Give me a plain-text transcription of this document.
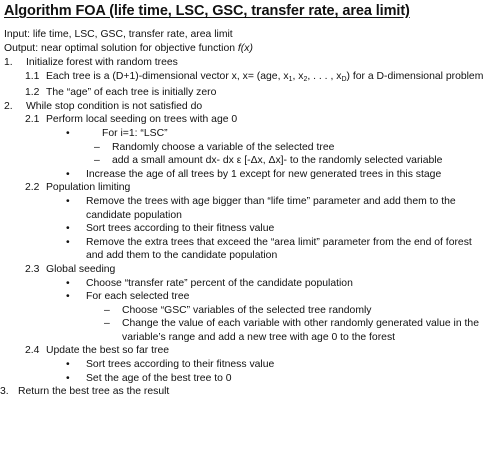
Algorithm FOA (life time, LSC, GSC, transfer rate, area limit)
Input: life time, LSC, GSC, transfer rate, area limit
Output: near optimal solution for objective function f(x)
1. Initialize forest with random trees
1.1 Each tree is a (D+1)-dimensional vector x, x= (age, $x_1$, $x_2$, . . . , $x_D$) for a D-dimensional problem
1.2 The “age” of each tree is initially zero
2. While stop condition is not satisfied do
2.1 Perform local seeding on trees with age 0
• For i=1: “LSC”
– Randomly choose a variable of the selected tree
– add a small amount dx- dx ε [-Δx, Δx]- to the randomly selected variable
• Increase the age of all trees by 1 except for new generated trees in this stage
2.2 Population limiting
• Remove the trees with age bigger than “life time” parameter and add them to the candidate population
• Sort trees according to their fitness value
• Remove the extra trees that exceed the “area limit” parameter from the end of forest and add them to the candidate population
2.3 Global seeding
• Choose “transfer rate” percent of the candidate population
• For each selected tree
– Choose “GSC” variables of the selected tree randomly
– Change the value of each variable with other randomly generated value in the variable’s range and add a new tree with age 0 to the forest
2.4 Update the best so far tree
• Sort trees according to their fitness value
• Set the age of the best tree to 0
3. Return the best tree as the result
